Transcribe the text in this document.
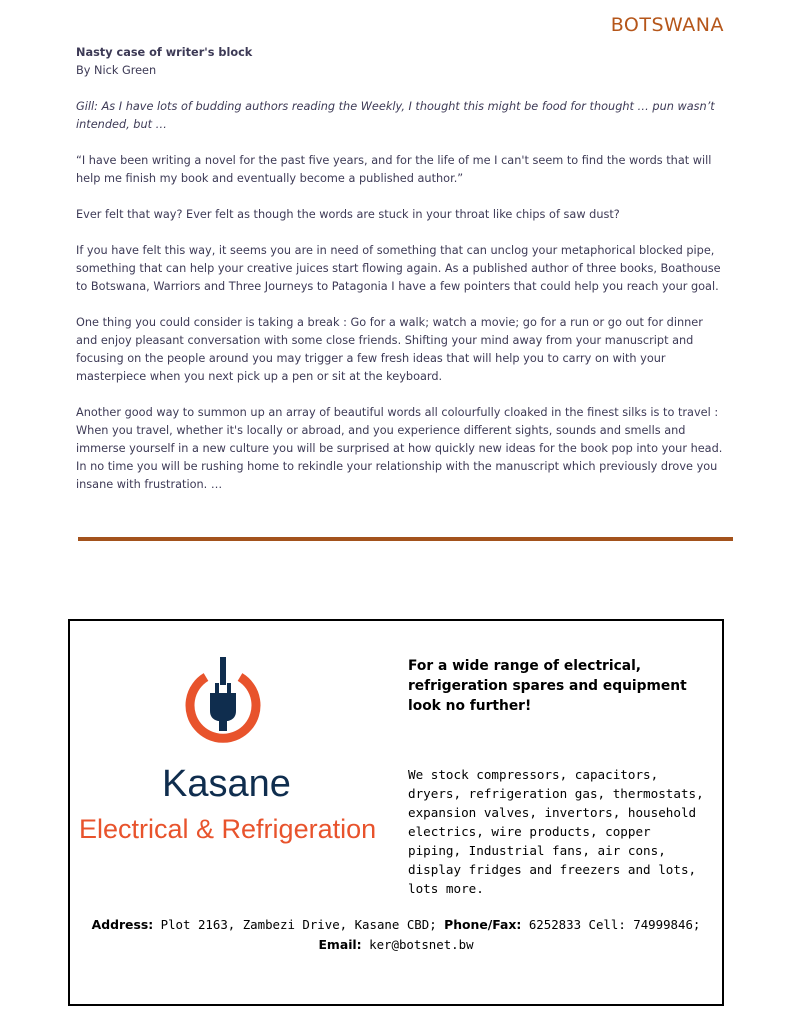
BOTSWANA

Nasty case of writer's block

By Nick Green

Gill: As I have lots of budding authors reading the Weekly, I thought this might be food for thought … pun wasn’t intended, but …

“I have been writing a novel for the past five years, and for the life of me I can't seem to find the words that will help me finish my book and eventually become a published author.”

Ever felt that way? Ever felt as though the words are stuck in your throat like chips of saw dust?

If you have felt this way, it seems you are in need of something that can unclog your metaphorical blocked pipe, something that can help your creative juices start flowing again. As a published author of three books, Boathouse to Botswana, Warriors and Three Journeys to Patagonia I have a few pointers that could help you reach your goal.

One thing you could consider is taking a break : Go for a walk; watch a movie; go for a run or go out for dinner and enjoy pleasant conversation with some close friends. Shifting your mind away from your manuscript and focusing on the people around you may trigger a few fresh ideas that will help you to carry on with your masterpiece when you next pick up a pen or sit at the keyboard.

Another good way to summon up an array of beautiful words all colourfully cloaked in the finest silks is to travel : When you travel, whether it's locally or abroad, and you experience different sights, sounds and smells and immerse yourself in a new culture you will be surprised at how quickly new ideas for the book pop into your head. In no time you will be rushing home to rekindle your relationship with the manuscript which previously drove you insane with frustration. …

Kasane
Electrical & Refrigeration
For a wide range of electrical, refrigeration spares and equipment look no further!
We stock compressors, capacitors, dryers, refrigeration gas, thermostats, expansion valves, invertors, household electrics, wire products, copper piping, Industrial fans, air cons, display fridges and freezers and lots, lots more.
Address: Plot 2163, Zambezi Drive, Kasane CBD; Phone/Fax: 6252833 Cell: 74999846;
Email: ker@botsnet.bw
